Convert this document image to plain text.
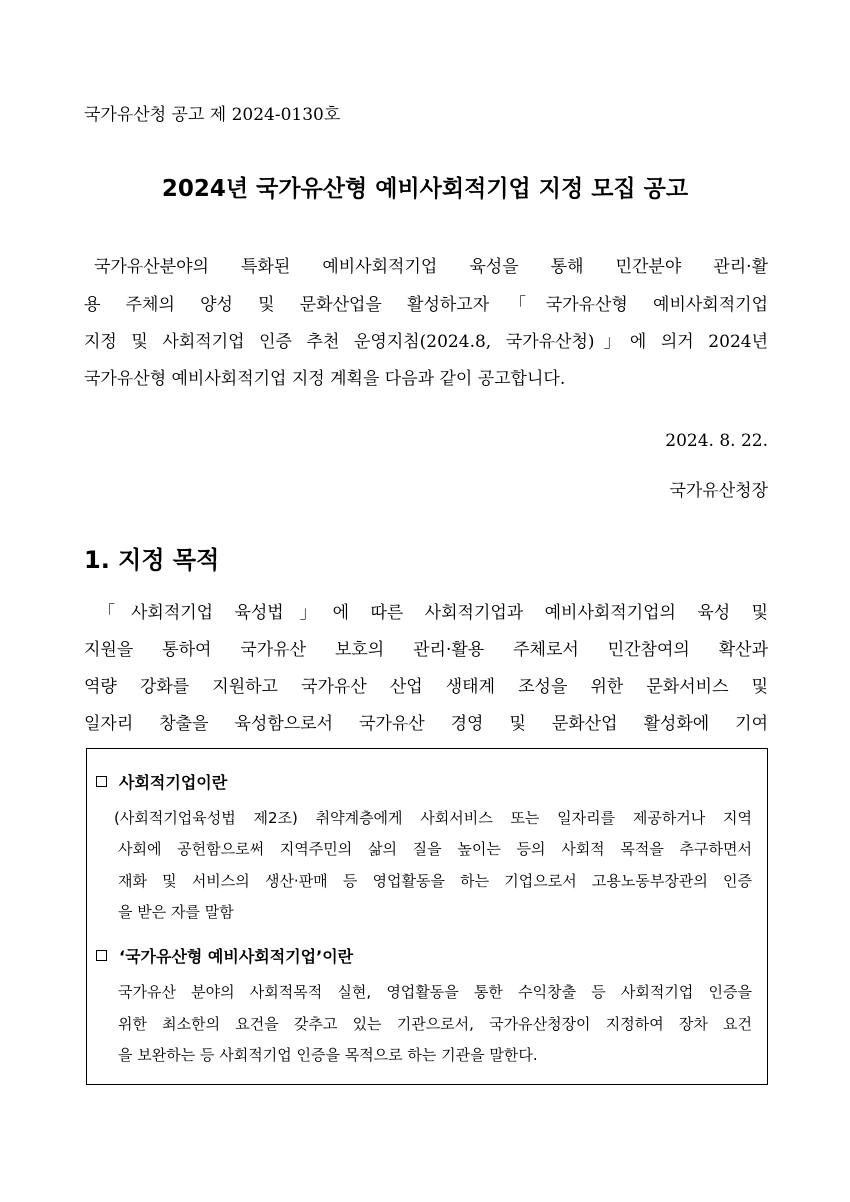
국가유산청 공고 제 2024-0130호
2024년 국가유산형 예비사회적기업 지정 모집 공고
국가유산분야의 특화된 예비사회적기업 육성을 통해 민간분야 관리·활
용 주체의 양성 및 문화산업을 활성하고자「국가유산형 예비사회적기업
지정 및 사회적기업 인증 추천 운영지침(2024.8, 국가유산청)」에 의거 2024년
국가유산형 예비사회적기업 지정 계획을 다음과 같이 공고합니다.
2024. 8. 22.
국가유산청장
1. 지정 목적
「사회적기업 육성법」에 따른 사회적기업과 예비사회적기업의 육성 및
지원을 통하여 국가유산 보호의 관리·활용 주체로서 민간참여의 확산과
역량 강화를 지원하고 국가유산 산업 생태계 조성을 위한 문화서비스 및
일자리 창출을 육성함으로서 국가유산 경영 및 문화산업 활성화에 기여
사회적기업이란
(사회적기업육성법 제2조) 취약계층에게 사회서비스 또는 일자리를 제공하거나 지역
사회에 공헌함으로써 지역주민의 삶의 질을 높이는 등의 사회적 목적을 추구하면서
재화 및 서비스의 생산·판매 등 영업활동을 하는 기업으로서 고용노동부장관의 인증
을 받은 자를 말함
‘국가유산형 예비사회적기업’이란
국가유산 분야의 사회적목적 실현, 영업활동을 통한 수익창출 등 사회적기업 인증을
위한 최소한의 요건을 갖추고 있는 기관으로서, 국가유산청장이 지정하여 장차 요건
을 보완하는 등 사회적기업 인증을 목적으로 하는 기관을 말한다.
